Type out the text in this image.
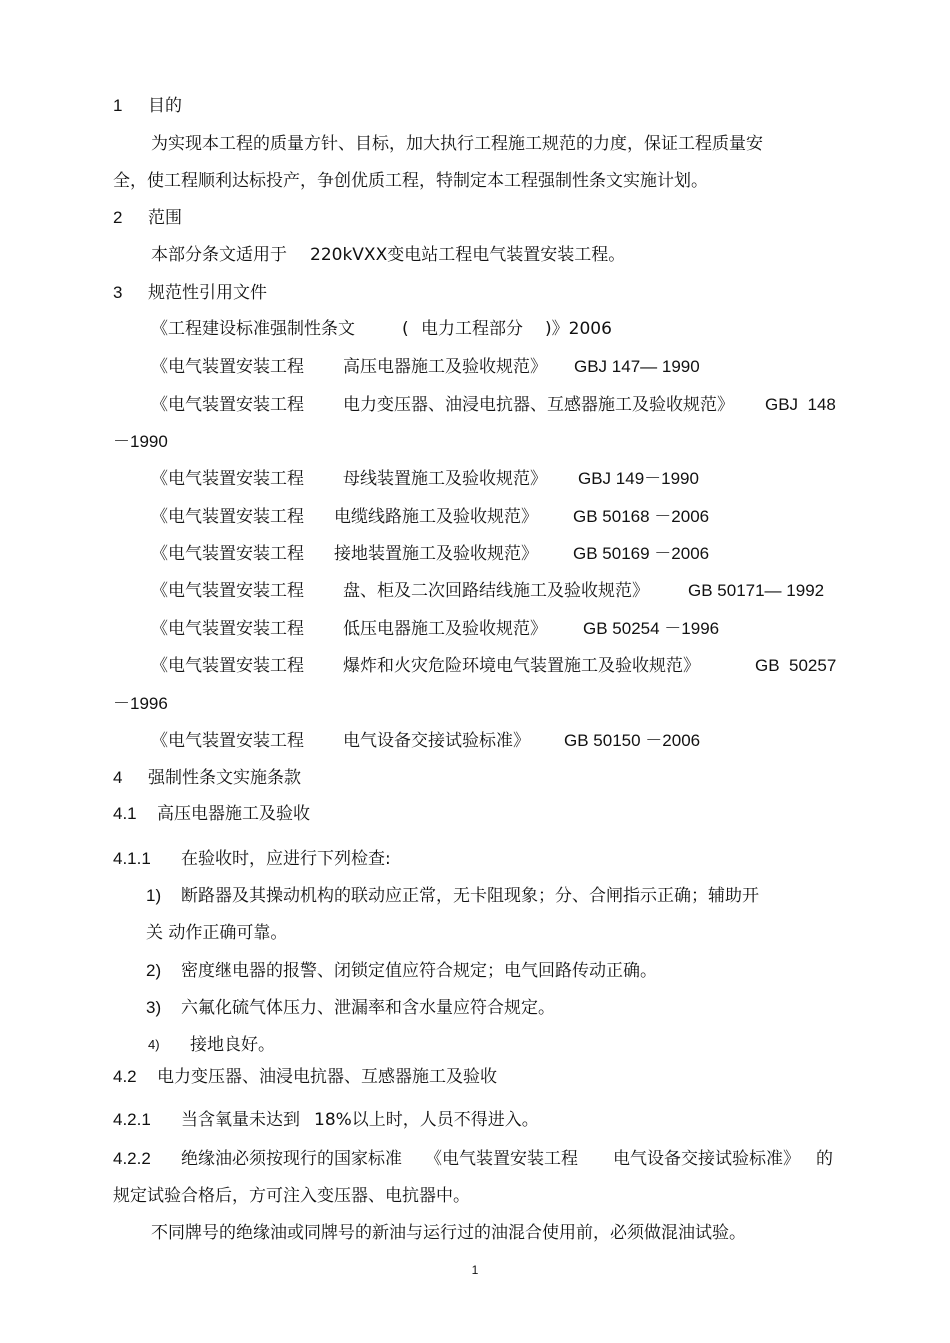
1 目的
为实现本工程的质量方针、目标，加大执行工程施工规范的力度，保证工程质量安
全，使工程顺利达标投产，争创优质工程，特制定本工程强制性条文实施计划。
2 范围
本部分条文适用于 220kVXX变电站工程电气装置安装工程。
3 规范性引用文件
《工程建设标准强制性条文	( 电力工程部分 )》2006
《电气装置安装工程 高压电器施工及验收规范》 GBJ 147— 1990
《电气装置安装工程 电力变压器、油浸电抗器、互感器施工及验收规范》 GBJ  148
－1990
《电气装置安装工程 母线装置施工及验收规范》 GBJ 149－1990
《电气装置安装工程 电缆线路施工及验收规范》 GB 50168 －2006
《电气装置安装工程 接地装置施工及验收规范》 GB 50169 －2006
《电气装置安装工程 盘、柜及二次回路结线施工及验收规范》 GB 50171— 1992
《电气装置安装工程 低压电器施工及验收规范》 GB 50254 －1996
《电气装置安装工程 爆炸和火灾危险环境电气装置施工及验收规范》	GB  50257
－1996
《电气装置安装工程 电气设备交接试验标准》 GB 50150 －2006
4 强制性条文实施条款
4.1 高压电器施工及验收
4.1.1 在验收时，应进行下列检查:
1) 断路器及其操动机构的联动应正常，无卡阻现象；分、合闸指示正确；辅助开
关 动作正确可靠。
2) 密度继电器的报警、闭锁定值应符合规定；电气回路传动正确。
3) 六氟化硫气体压力、泄漏率和含水量应符合规定。
4) 接地良好。
4.2 电力变压器、油浸电抗器、互感器施工及验收
4.2.1 当含氧量未达到 18%以上时，人员不得进入。
4.2.2 绝缘油必须按现行的国家标准 《电气装置安装工程 电气设备交接试验标准》 的
规定试验合格后，方可注入变压器、电抗器中。
不同牌号的绝缘油或同牌号的新油与运行过的油混合使用前，必须做混油试验。
1
